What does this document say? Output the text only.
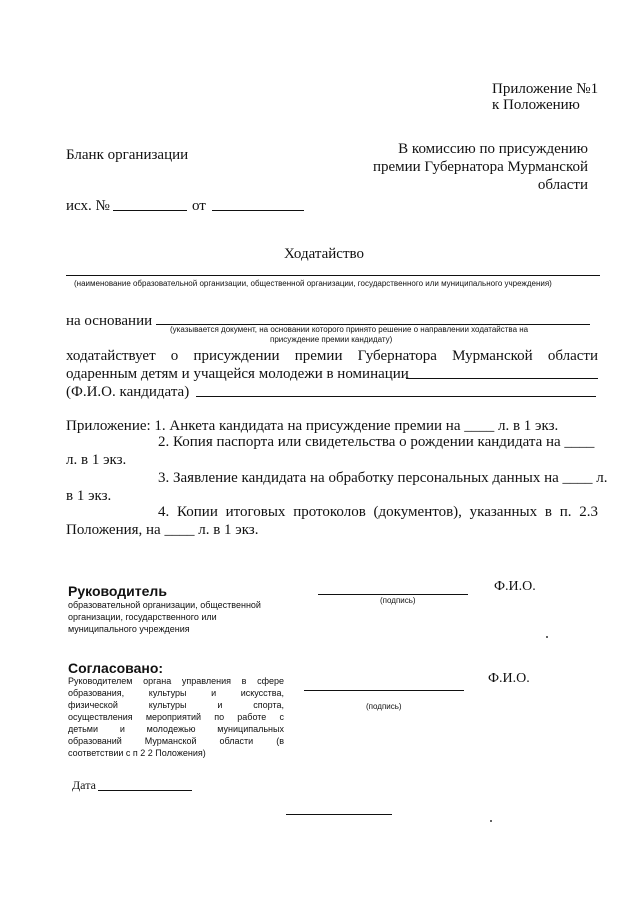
Приложение №1
к Положению
Бланк организации	В комиссию по присуждению
премии Губернатора Мурманской
области
исх. №	от
Ходатайство
(наименование образовательной организации, общественной организации, государственного или муниципального учреждения)
на основании
(указывается документ, на основании которого принято решение о направлении ходатайства на
присуждение премии кандидату)
ходатайствует о присуждении премии Губернатора Мурманской области
одаренным детям и учащейся молодежи в номинации
(Ф.И.О. кандидата)
Приложение: 1. Анкета кандидата на присуждение премии на ____ л. в 1 экз.
2. Копия паспорта или свидетельства о рождении кандидата на ____
л. в 1 экз.
3. Заявление кандидата на обработку персональных данных на ____ л.
в 1 экз.
4. Копии итоговых протоколов (документов), указанных в п. 2.3
Положения, на ____ л. в 1 экз.
Руководитель
образовательной организации, общественной
организации, государственного или
муниципального учреждения
(подпись)
Ф.И.О.
Согласовано:
Руководителем органа управления в сфере
образования, культуры и искусства,
физической культуры и спорта,
осуществления мероприятий по работе с
детьми и молодежью муниципальных
образований Мурманской области (в
соответствии с п 2 2 Положения)
(подпись)
Ф.И.О.
Дата
